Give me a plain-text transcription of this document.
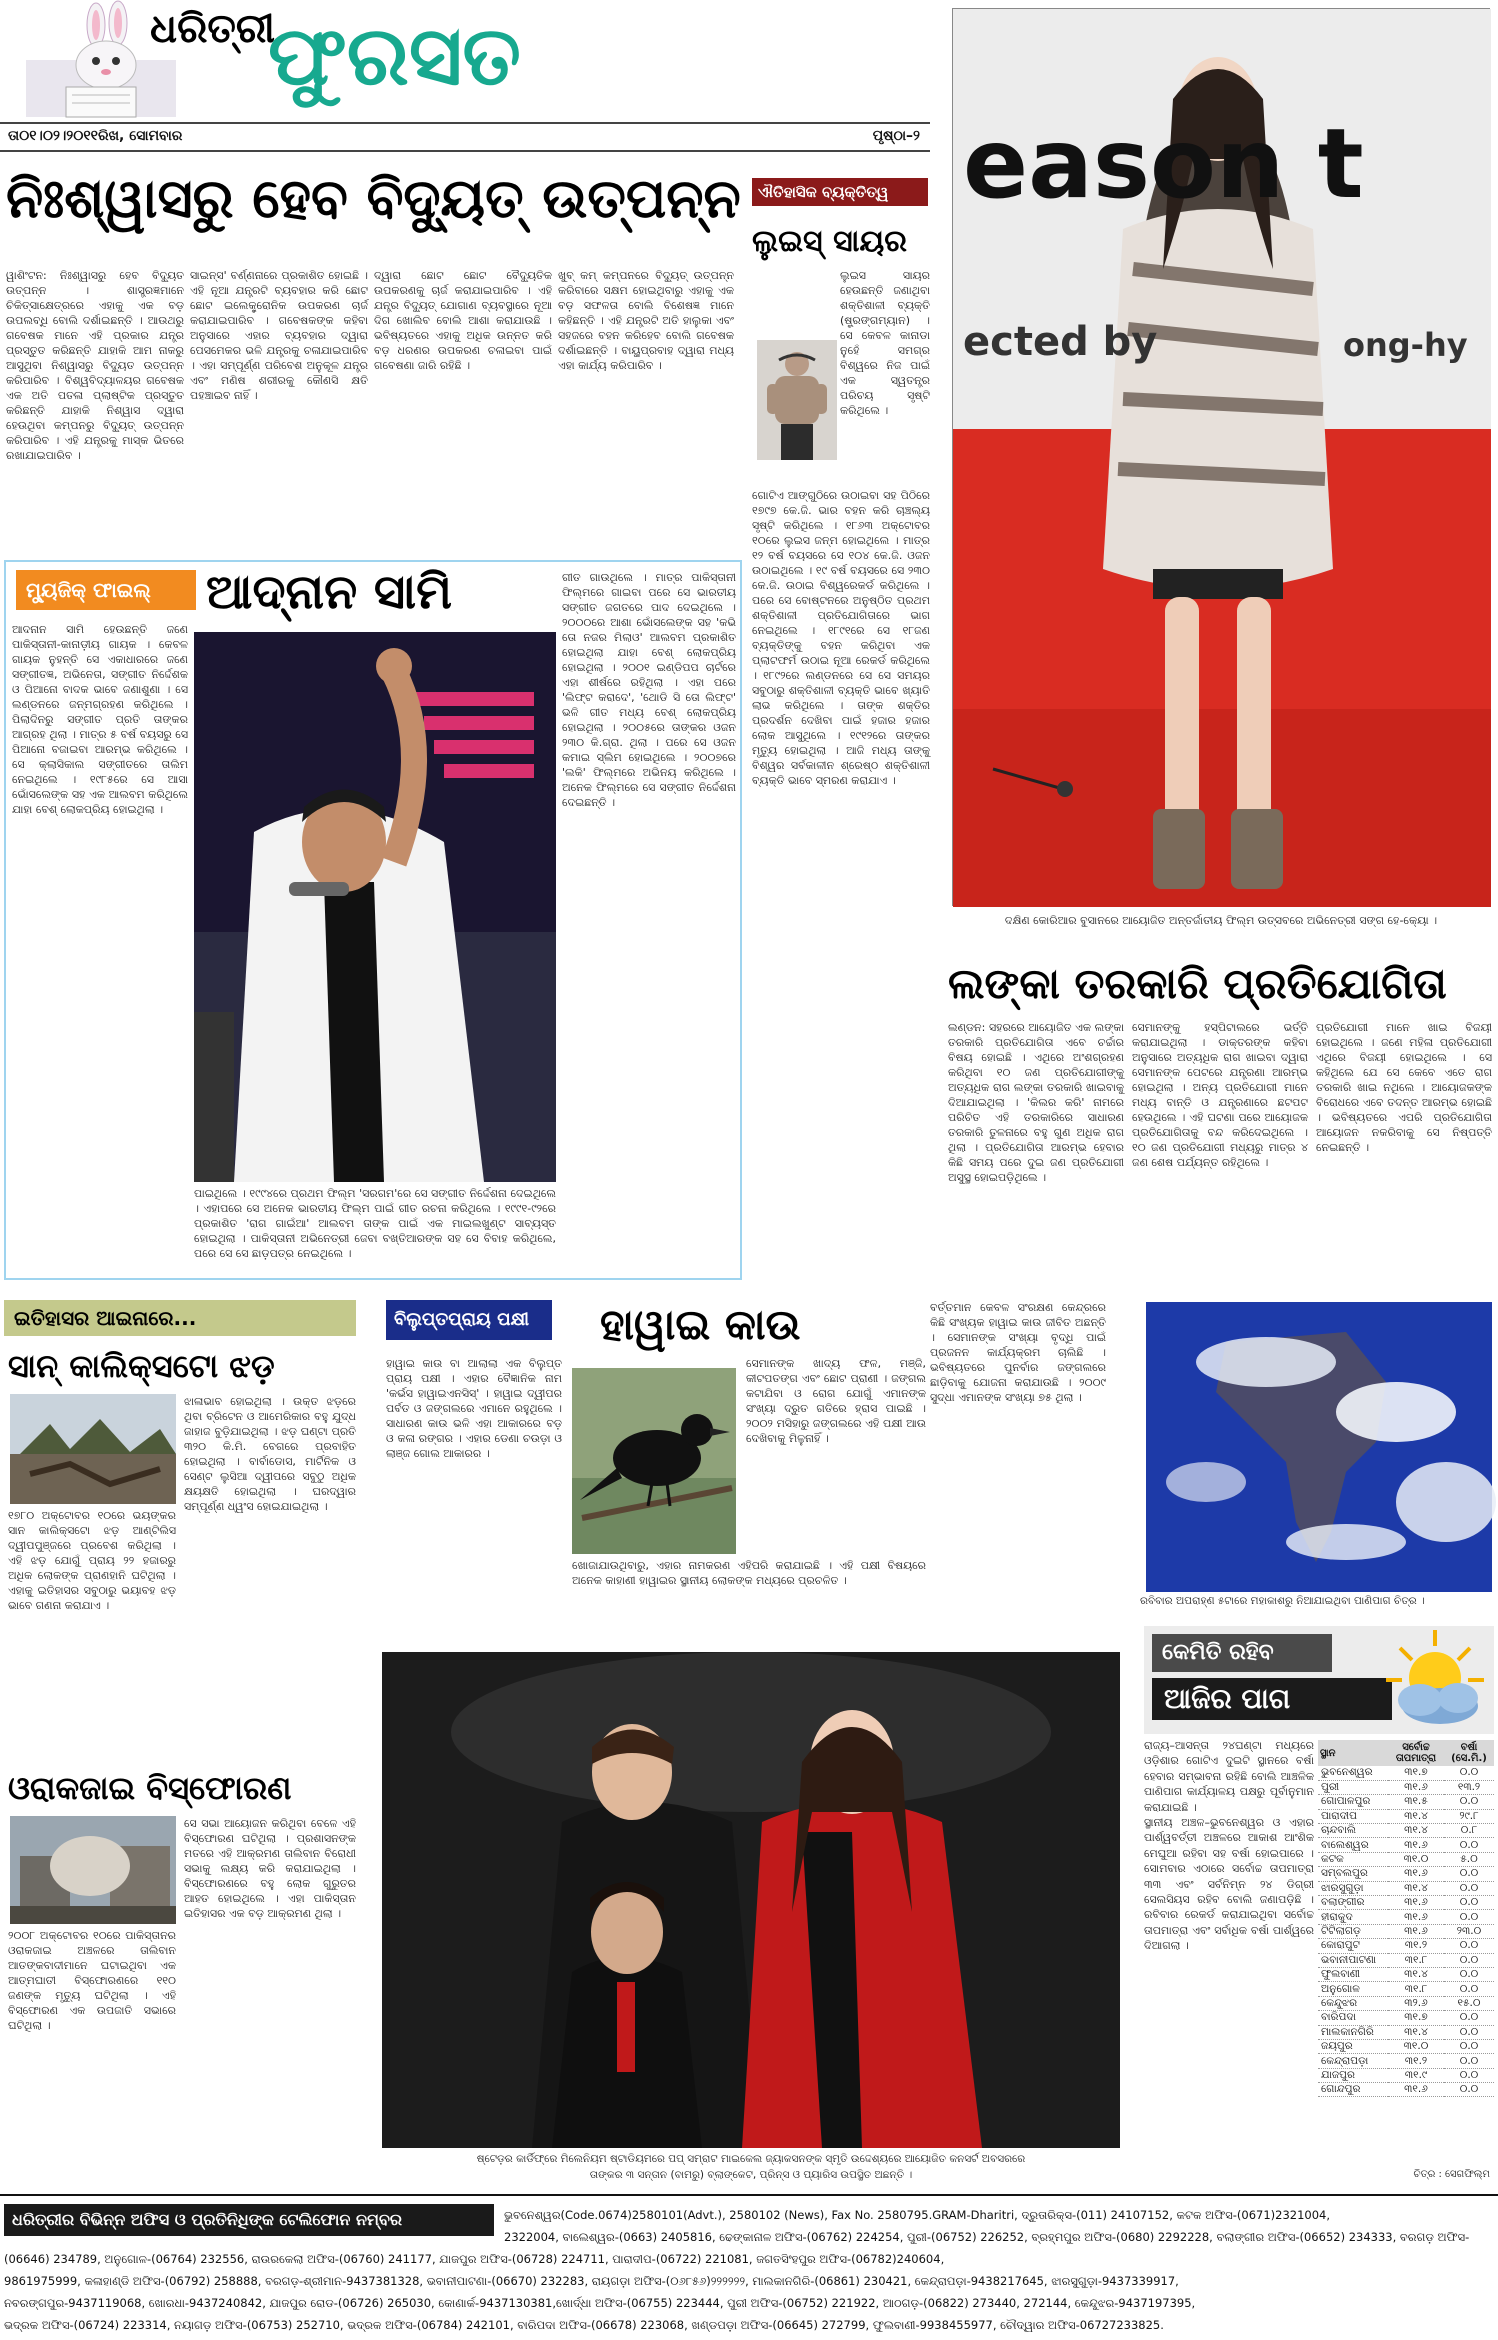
ଧରିତ୍ରୀ
ଫୁରସତ
ତା୦୧।୦୨।୨୦୧୧ରିଖ, ସୋମବାର	ପୃଷ୍ଠା–୨
ନିଃଶ୍ୱାସରୁ ହେବ ବିଦ୍ୟୁତ୍ ଉତ୍ପନ୍ନ
ୱାଶିଂଟନ: ନିଃଶ୍ୱାସରୁ ହେବ ବିଦ୍ୟୁତ ଉତ୍ପନ୍ନ । ଶାସ୍ତ୍ରଜ୍ଞମାନେ ଚିକିତ୍ସାକ୍ଷେତ୍ରରେ ଏହାକୁ ଏକ ବଡ଼ ଉପଲବ୍ଧି ବୋଲି ଦର୍ଶାଇଛନ୍ତି । ଆଉଥରୁ ଗବେଷକ ମାନେ ଏହି ପ୍ରକାର ଯନ୍ତ୍ର ପ୍ରସ୍ତୁତ କରିଛନ୍ତି ଯାହାକି ଆମ ନାକରୁ ଆସୁଥିବା ନିଶ୍ୱାସରୁ ବିଦ୍ୟୁତ ଉତ୍ପନ୍ନ କରିପାରିବ । ବିଶ୍ୱବିଦ୍ୟାଳୟର ଗବେଷକ ଏକ ଅତି ପତଳା ପ୍ଲାଷ୍ଟିକ ପ୍ରସ୍ତୁତ କରିଛନ୍ତି ଯାହାକି ନିଶ୍ୱାସ ଦ୍ୱାରା ହେଉଥିବା କମ୍ପନରୁ ବିଦ୍ୟୁତ୍ ଉତ୍ପନ୍ନ କରିପାରିବ । ଏହି ଯନ୍ତ୍ରକୁ ମାସ୍କ ଭିତରେ ରଖାଯାଇପାରିବ ।
ସାଇନ୍ସ' ବର୍ଣ୍ଣନାରେ ପ୍ରକାଶିତ ହୋଇଛି । ଏହି ନୂଆ ଯନ୍ତ୍ରଟି ବ୍ୟବହାର କରି ଛୋଟ ଛୋଟ ଇଲେକ୍ଟ୍ରୋନିକ ଉପକରଣ ଚାର୍ଜ କରାଯାଇପାରିବ । ଗବେଷକଙ୍କ କହିବା ଅନୁସାରେ ଏହାର ବ୍ୟବହାର ଦ୍ୱାରା ପେସମେକର ଭଳି ଯନ୍ତ୍ରକୁ ଚଳାଯାଇପାରିବ । ଏହା ସମ୍ପୂର୍ଣ୍ଣ ପରିବେଶ ଅନୁକୂଳ ଯନ୍ତ୍ର ଏବଂ ମଣିଷ ଶରୀରକୁ କୌଣସି କ୍ଷତି ପହଞ୍ଚାଇବ ନାହିଁ ।
ଦ୍ୱାରା ଛୋଟ ଛୋଟ ବୈଦ୍ୟୁତିକ ଉପକରଣକୁ ଚାର୍ଜ କରାଯାଇପାରିବ । ଏହି ଯନ୍ତ୍ର ବିଦ୍ୟୁତ୍ ଯୋଗାଣ ବ୍ୟବସ୍ଥାରେ ନୂଆ ଦିଗ ଖୋଲିବ ବୋଲି ଆଶା କରାଯାଉଛି । ଭବିଷ୍ୟତରେ ଏହାକୁ ଅଧିକ ଉନ୍ନତ କରି ବଡ଼ ଧରଣର ଉପକରଣ ଚଳାଇବା ପାଇଁ ଗବେଷଣା ଜାରି ରହିଛି ।
ଖୁବ୍ କମ୍ କମ୍ପନରେ ବିଦ୍ୟୁତ୍ ଉତ୍ପନ୍ନ କରିବାରେ ସକ୍ଷମ ହୋଇଥିବାରୁ ଏହାକୁ ଏକ ବଡ଼ ସଫଳତା ବୋଲି ବିଶେଷଜ୍ଞ ମାନେ କହିଛନ୍ତି । ଏହି ଯନ୍ତ୍ରଟି ଅତି ହାଲୁକା ଏବଂ ସହଜରେ ବହନ କରିହେବ ବୋଲି ଗବେଷକ ଦର୍ଶାଇଛନ୍ତି । ବାୟୁପ୍ରବାହ ଦ୍ୱାରା ମଧ୍ୟ ଏହା କାର୍ଯ୍ୟ କରିପାରିବ ।
ଐତିହାସିକ ବ୍ୟକ୍ତିତ୍ୱ
ଲୁଇସ୍ ସାୟର
ଲୁଇସ ସାୟର ହେଉଛନ୍ତି ଜଣାଥିବା ଶକ୍ତିଶାଳୀ ବ୍ୟକ୍ତି (ଷ୍ଟ୍ରଙ୍ଗମ୍ୟାନ) । ସେ କେବଳ କାନାଡା ନୁହେଁ ସମଗ୍ର ବିଶ୍ୱରେ ନିଜ ପାଇଁ ଏକ ସ୍ୱତନ୍ତ୍ର ପରିଚୟ ସୃଷ୍ଟି କରିଥିଲେ ।
ଗୋଟିଏ ଆଙ୍ଗୁଠିରେ ଉଠାଇବା ସହ ପିଠିରେ ୧୭୯୭ କେ.ଜି. ଭାର ବହନ କରି ଚାଞ୍ଚଲ୍ୟ ସୃଷ୍ଟି କରିଥିଲେ । ୧୮୬୩ ଅକ୍ଟୋବର ୧୦ରେ ଲୁଇସ ଜନ୍ମ ହୋଇଥିଲେ । ମାତ୍ର ୧୨ ବର୍ଷ ବୟସରେ ସେ ୧୦୪ କେ.ଜି. ଓଜନ ଉଠାଇଥିଲେ । ୧୯ ବର୍ଷ ବୟସରେ ସେ ୨୩୦ କେ.ଜି. ଉଠାଇ ବିଶ୍ୱରେକର୍ଡ କରିଥିଲେ । ପରେ ସେ ବୋଷ୍ଟନରେ ଅନୁଷ୍ଠିତ ପ୍ରଥମ ଶକ୍ତିଶାଳୀ ପ୍ରତିଯୋଗିତାରେ ଭାଗ ନେଇଥିଲେ । ୧୮୯୧ରେ ସେ ୧୮ଜଣ ବ୍ୟକ୍ତିଙ୍କୁ ବହନ କରିଥିବା ଏକ ପ୍ଲାଟଫର୍ମ ଉଠାଇ ନୂଆ ରେକର୍ଡ କରିଥିଲେ । ୧୮୯୨ରେ ଲଣ୍ଡନରେ ସେ ସେ ସମୟର ସବୁଠାରୁ ଶକ୍ତିଶାଳୀ ବ୍ୟକ୍ତି ଭାବେ ଖ୍ୟାତି ଲାଭ କରିଥିଲେ । ତାଙ୍କ ଶକ୍ତିର ପ୍ରଦର୍ଶନ ଦେଖିବା ପାଇଁ ହଜାର ହଜାର ଲୋକ ଆସୁଥିଲେ । ୧୯୧୨ରେ ତାଙ୍କର ମୃତ୍ୟୁ ହୋଇଥିଲା । ଆଜି ମଧ୍ୟ ତାଙ୍କୁ ବିଶ୍ୱର ସର୍ବକାଳୀନ ଶ୍ରେଷ୍ଠ ଶକ୍ତିଶାଳୀ ବ୍ୟକ୍ତି ଭାବେ ସ୍ମରଣ କରାଯାଏ ।
eason t
ected by	ong-hy
ଦକ୍ଷିଣ କୋରିଆର ବୁସାନରେ ଆୟୋଜିତ ଅନ୍ତର୍ଜାତୀୟ ଫିଲ୍ମ ଉତ୍ସବରେ ଅଭିନେତ୍ରୀ ସଙ୍ଗ ହେ-କ୍ୟୋ ।
ମ୍ୟୁଜିକ୍ ଫାଇଲ୍	ଆଦ୍‌ନାନ ସାମି
ଆଦନାନ ସାମି ହେଉଛନ୍ତି ଜଣେ ପାକିସ୍ତାନୀ-କାନାଡ଼ୀୟ ଗାୟକ । କେବଳ ଗାୟକ ନୁହନ୍ତି ସେ ଏକାଧାରରେ ଜଣେ ସଙ୍ଗୀତଜ୍ଞ, ଅଭିନେତା, ସଙ୍ଗୀତ ନିର୍ଦ୍ଦେଶକ ଓ ପିଆନୋ ବାଦକ ଭାବେ ଜଣାଶୁଣା । ସେ ଲଣ୍ଡନରେ ଜନ୍ମଗ୍ରହଣ କରିଥିଲେ । ପିଲାଦିନରୁ ସଙ୍ଗୀତ ପ୍ରତି ତାଙ୍କର ଆଗ୍ରହ ଥିଲା । ମାତ୍ର ୫ ବର୍ଷ ବୟସରୁ ସେ ପିଆନୋ ବଜାଇବା ଆରମ୍ଭ କରିଥିଲେ । ସେ କ୍ଲାସିକାଲ ସଙ୍ଗୀତରେ ତାଲିମ ନେଇଥିଲେ । ୧୯୮୫ରେ ସେ ଆସା ଭୋଁସଲେଙ୍କ ସହ ଏକ ଆଲବମ କରିଥିଲେ ଯାହା ବେଶ୍ ଲୋକପ୍ରିୟ ହୋଇଥିଲା ।
ଗୀତ ଗାଉଥିଲେ । ମାତ୍ର ପାକିସ୍ତାନୀ ଫିଲ୍ମରେ ଗାଇବା ପରେ ସେ ଭାରତୀୟ ସଙ୍ଗୀତ ଜଗତରେ ପାଦ ଦେଇଥିଲେ । ୨୦୦୦ରେ ଆଶା ଭୋଁସଲେଙ୍କ ସହ 'କଭି ତୋ ନଜର ମିଲାଓ' ଆଲବମ ପ୍ରକାଶିତ ହୋଇଥିଲା ଯାହା ବେଶ୍ ଲୋକପ୍ରିୟ ହୋଇଥିଲା । ୨୦୦୧ ଇଣ୍ଡିପପ ଚାର୍ଟରେ ଏହା ଶୀର୍ଷରେ ରହିଥିଲା । ଏହା ପରେ 'ଲିଫ୍ଟ କରାଦେ', 'ଥୋଡି ସି ତୋ ଲିଫ୍ଟ' ଭଳି ଗୀତ ମଧ୍ୟ ବେଶ୍ ଲୋକପ୍ରିୟ ହୋଇଥିଲା । ୨୦୦୫ରେ ତାଙ୍କର ଓଜନ ୨୩୦ କି.ଗ୍ରା. ଥିଲା । ପରେ ସେ ଓଜନ କମାଇ ସ୍ଲିମ ହୋଇଥିଲେ । ୨୦୦୭ରେ 'ଲକି' ଫିଲ୍ମରେ ଅଭିନୟ କରିଥିଲେ । ଅନେକ ଫିଲ୍ମରେ ସେ ସଙ୍ଗୀତ ନିର୍ଦ୍ଦେଶନା ଦେଇଛନ୍ତି ।
ପାଇଥିଲେ । ୧୯୯୪ରେ ପ୍ରଥମ ଫିଲ୍ମ 'ସରଗମ'ରେ ସେ ସଙ୍ଗୀତ ନିର୍ଦ୍ଦେଶନା ଦେଇଥିଲେ । ଏହାପରେ ସେ ଅନେକ ଭାରତୀୟ ଫିଲ୍ମ ପାଇଁ ଗୀତ ରଚନା କରିଥିଲେ । ୧୯୯୧-୯୨ରେ ପ୍ରକାଶିତ 'ରାଗ ଗାଇଁଆ' ଆଲବମ ତାଙ୍କ ପାଇଁ ଏକ ମାଇଲଖୁଣ୍ଟ ସାବ୍ୟସ୍ତ ହୋଇଥିଲା । ପାକିସ୍ତାନୀ ଅଭିନେତ୍ରୀ ଜେବା ବଖ୍ତିଆରଙ୍କ ସହ ସେ ବିବାହ କରିଥିଲେ, ପରେ ସେ ସେ ଛାଡ଼ପତ୍ର ନେଇଥିଲେ ।
ଲଙ୍କା ତରକାରି ପ୍ରତିଯୋଗିତା
ଲଣ୍ଡନ: ସହରରେ ଆୟୋଜିତ ଏକ ଲଙ୍କା ତରକାରି ପ୍ରତିଯୋଗିତା ଏବେ ଚର୍ଚ୍ଚାର ବିଷୟ ହୋଇଛି । ଏଥିରେ ଅଂଶଗ୍ରହଣ କରିଥିବା ୧୦ ଜଣ ପ୍ରତିଯୋଗୀଙ୍କୁ ଅତ୍ୟଧିକ ରାଗ ଲଙ୍କା ତରକାରି ଖାଇବାକୁ ଦିଆଯାଇଥିଲା । 'କିଲର କରି' ନାମରେ ପରିଚିତ ଏହି ତରକାରିରେ ସାଧାରଣ ତରକାରି ତୁଳନାରେ ବହୁ ଗୁଣ ଅଧିକ ରାଗ ଥିଲା । ପ୍ରତିଯୋଗିତା ଆରମ୍ଭ ହେବାର କିଛି ସମୟ ପରେ ଦୁଇ ଜଣ ପ୍ରତିଯୋଗୀ ଅସୁସ୍ଥ ହୋଇପଡ଼ିଥିଲେ ।
ସେମାନଙ୍କୁ ହସ୍ପିଟାଲରେ ଭର୍ତ୍ତି କରାଯାଇଥିଲା । ଡାକ୍ତରଙ୍କ କହିବା ଅନୁସାରେ ଅତ୍ୟଧିକ ରାଗ ଖାଇବା ଦ୍ୱାରା ସେମାନଙ୍କ ପେଟରେ ଯନ୍ତ୍ରଣା ଆରମ୍ଭ ହୋଇଥିଲା । ଅନ୍ୟ ପ୍ରତିଯୋଗୀ ମାନେ ମଧ୍ୟ ବାନ୍ତି ଓ ଯନ୍ତ୍ରଣାରେ ଛଟପଟ ହେଉଥିଲେ । ଏହି ଘଟଣା ପରେ ଆୟୋଜକ ପ୍ରତିଯୋଗିତାକୁ ବନ୍ଦ କରିଦେଇଥିଲେ । ୧୦ ଜଣ ପ୍ରତିଯୋଗୀ ମଧ୍ୟରୁ ମାତ୍ର ୪ ଜଣ ଶେଷ ପର୍ଯ୍ୟନ୍ତ ରହିଥିଲେ ।
ପ୍ରତିଯୋଗୀ ମାନେ ଖାଇ ବିଜୟୀ ହୋଇଥିଲେ । ଜଣେ ମହିଳା ପ୍ରତିଯୋଗୀ ଏଥିରେ ବିଜୟୀ ହୋଇଥିଲେ । ସେ କହିଥିଲେ ଯେ ସେ କେବେ ଏତେ ରାଗ ତରକାରି ଖାଇ ନଥିଲେ । ଆୟୋଜକଙ୍କ ବିରୋଧରେ ଏବେ ତଦନ୍ତ ଆରମ୍ଭ ହୋଇଛି । ଭବିଷ୍ୟତରେ ଏପରି ପ୍ରତିଯୋଗିତା ଆୟୋଜନ ନକରିବାକୁ ସେ ନିଷ୍ପତ୍ତି ନେଇଛନ୍ତି ।
ଇତିହାସର ଆଇନାରେ...
ସାନ୍ କାଲିକ୍ସଟୋ ଝଡ଼
୧୭୮୦ ଅକ୍ଟୋବର ୧୦ରେ ଭୟଙ୍କର ସାନ କାଲିକ୍ସଟୋ ଝଡ଼ ଆଣ୍ଟିଲିସ ଦ୍ୱୀପପୁଞ୍ଜରେ ପ୍ରବେଶ କରିଥିଲା । ଏହି ଝଡ଼ ଯୋଗୁଁ ପ୍ରାୟ ୨୨ ହଜାରରୁ ଅଧିକ ଲୋକଙ୍କ ପ୍ରାଣହାନି ଘଟିଥିଲା । ଏହାକୁ ଇତିହାସର ସବୁଠାରୁ ଭୟାବହ ଝଡ଼ ଭାବେ ଗଣନା କରାଯାଏ ।
ଝାଳାଭାବ ହୋଇଥିଲା । ଉକ୍ତ ଝଡ଼ରେ ଥିବା ବ୍ରିଟେନ ଓ ଆମେରିକାର ବହୁ ଯୁଦ୍ଧ ଜାହାଜ ବୁଡ଼ିଯାଇଥିଲା । ଝଡ଼ ଘଣ୍ଟା ପ୍ରତି ୩୨୦ କି.ମି. ବେଗରେ ପ୍ରବାହିତ ହୋଇଥିଲା । ବାର୍ବାଡୋସ, ମାର୍ଟିନିକ ଓ ସେଣ୍ଟ ଲୁସିଆ ଦ୍ୱୀପରେ ସବୁଠୁ ଅଧିକ କ୍ଷୟକ୍ଷତି ହୋଇଥିଲା । ଘରଦ୍ୱାର ସମ୍ପୂର୍ଣ୍ଣ ଧ୍ୱଂସ ହୋଇଯାଇଥିଲା ।
ଓରାକଜାଇ ବିସ୍ଫୋରଣ
୨୦୦୮ ଅକ୍ଟୋବର ୧୦ରେ ପାକିସ୍ତାନର ଓରାକଜାଇ ଅଞ୍ଚଳରେ ତାଲିବାନ ଆତଙ୍କବାଦୀମାନେ ଘଟାଇଥିବା ଏକ ଆତ୍ମଘାତୀ ବିସ୍ଫୋରଣରେ ୧୧୦ ଜଣଙ୍କ ମୃତ୍ୟୁ ଘଟିଥିଲା । ଏହି ବିସ୍ଫୋରଣ ଏକ ଉପଜାତି ସଭାରେ ଘଟିଥିଲା ।
ସେ ସଭା ଆୟୋଜନ କରିଥିବା ବେଳେ ଏହି ବିସ୍ଫୋରଣ ଘଟିଥିଲା । ପ୍ରଶାସନଙ୍କ ମତରେ ଏହି ଆକ୍ରମଣ ତାଲିବାନ ବିରୋଧୀ ସଭାକୁ ଲକ୍ଷ୍ୟ କରି କରାଯାଇଥିଲା । ବିସ୍ଫୋରଣରେ ବହୁ ଲୋକ ଗୁରୁତର ଆହତ ହୋଇଥିଲେ । ଏହା ପାକିସ୍ତାନ ଇତିହାସର ଏକ ବଡ଼ ଆକ୍ରମଣ ଥିଲା ।
ବିଲୁପ୍ତପ୍ରାୟ ପକ୍ଷୀ	ହାୱାଇ କାଉ
ହାୱାଇ କାଉ ବା ଆଲାଲା ଏକ ବିଲୁପ୍ତ ପ୍ରାୟ ପକ୍ଷୀ । ଏହାର ବୈଜ୍ଞାନିକ ନାମ 'କର୍ଭସ ହାୱାଇଏନସିସ୍' । ହାୱାଇ ଦ୍ୱୀପର ପର୍ବତ ଓ ଜଙ୍ଗଲରେ ଏମାନେ ରହୁଥିଲେ । ସାଧାରଣ କାଉ ଭଳି ଏହା ଆକାରରେ ବଡ଼ ଓ କଳା ରଙ୍ଗର । ଏହାର ଡେଣା ଚଉଡ଼ା ଓ ଲାଞ୍ଜ ଗୋଲ ଆକାରର ।
ସେମାନଙ୍କ ଖାଦ୍ୟ ଫଳ, ମଞ୍ଜି, କୀଟପତଙ୍ଗ ଏବଂ ଛୋଟ ପ୍ରାଣୀ । ଜଙ୍ଗଲ କଟାଯିବା ଓ ରୋଗ ଯୋଗୁଁ ଏମାନଙ୍କ ସଂଖ୍ୟା ଦ୍ରୁତ ଗତିରେ ହ୍ରାସ ପାଇଛି । ୨୦୦୨ ମସିହାରୁ ଜଙ୍ଗଲରେ ଏହି ପକ୍ଷୀ ଆଉ ଦେଖିବାକୁ ମିଳୁନାହିଁ ।
ବର୍ତ୍ତମାନ କେବଳ ସଂରକ୍ଷଣ କେନ୍ଦ୍ରରେ କିଛି ସଂଖ୍ୟକ ହାୱାଇ କାଉ ଜୀବିତ ଅଛନ୍ତି । ସେମାନଙ୍କ ସଂଖ୍ୟା ବୃଦ୍ଧି ପାଇଁ ପ୍ରଜନନ କାର୍ଯ୍ୟକ୍ରମ ଚାଲିଛି । ଭବିଷ୍ୟତରେ ପୁନର୍ବାର ଜଙ୍ଗଲରେ ଛାଡ଼ିବାକୁ ଯୋଜନା କରାଯାଉଛି । ୨୦୦୯ ସୁଦ୍ଧା ଏମାନଙ୍କ ସଂଖ୍ୟା ୭୫ ଥିଲା ।
ଖୋଜାଯାଉଥିବାରୁ, ଏହାର ନାମକରଣ ଏହିପରି କରାଯାଇଛି । ଏହି ପକ୍ଷୀ ବିଷୟରେ ଅନେକ କାହାଣୀ ହାୱାଇର ସ୍ଥାନୀୟ ଲୋକଙ୍କ ମଧ୍ୟରେ ପ୍ରଚଳିତ ।
ରବିବାର ଅପରାହ୍ଣ ୫ଟାରେ ମହାକାଶରୁ ନିଆଯାଇଥିବା ପାଣିପାଗ ଚିତ୍ର ।
କେମିତି ରହିବ
ଆଜିର ପାଗ
ରାଜ୍ୟ–ଆସନ୍ତା ୨୪ଘଣ୍ଟା ମଧ୍ୟରେ ଓଡ଼ିଶାର ଗୋଟିଏ ଦୁଇଟି ସ୍ଥାନରେ ବର୍ଷା ହେବାର ସମ୍ଭାବନା ରହିଛି ବୋଲି ଆଞ୍ଚଳିକ ପାଣିପାଗ କାର୍ଯ୍ୟାଳୟ ପକ୍ଷରୁ ପୂର୍ବାନୁମାନ କରାଯାଇଛି ।
ସ୍ଥାନୀୟ ଅଞ୍ଚଳ–ଭୁବନେଶ୍ୱର ଓ ଏହାର ପାର୍ଶ୍ୱବର୍ତ୍ତୀ ଅଞ୍ଚଳରେ ଆକାଶ ଆଂଶିକ ମେଘୁଆ ରହିବା ସହ ବର୍ଷା ହୋଇପାରେ । ସୋମବାର ଏଠାରେ ସର୍ବୋଚ୍ଚ ତାପମାତ୍ରା ୩୩ ଏବଂ ସର୍ବନିମ୍ନ ୨୪ ଡିଗ୍ରୀ ସେଲସିୟସ ରହିବ ବୋଲି ଜଣାପଡ଼ିଛି । ରବିବାର ରେକର୍ଡ କରାଯାଇଥିବା ସର୍ବୋଚ୍ଚ ତାପମାତ୍ରା ଏବଂ ସର୍ବାଧିକ ବର୍ଷା ପାର୍ଶ୍ୱରେ ଦିଆଗଲା ।
ସ୍ଥାନ	ସର୍ବୋଚ୍ଚ ତାପମାତ୍ରା	ବର୍ଷା (ସେ.ମି.)
ଭୁବନେଶ୍ୱର	୩୧.୭	୦.୦
ପୁରୀ	୩୧.୬	୧୩.୨
ଗୋପାଳପୁର	୩୧.୫	୦.୦
ପାରାଦୀପ	୩୧.୪	୨୯.୮
ଚାନ୍ଦବାଲି	୩୧.୪	୦.୮
ବାଲେଶ୍ୱର	୩୧.୬	୦.୦
କଟକ	୩୧.୦	୫.୦
ସମ୍ବଲପୁର	୩୧.୬	୦.୦
ଝାରସୁଗୁଡ଼ା	୩୧.୪	୦.୦
ବଲାଙ୍ଗୀର	୩୧.୬	୦.୦
ହୀରାକୁଦ	୩୧.୬	୦.୦
ଟିଟିଲାଗଡ଼	୩୧.୬	୨୩.୦
କୋରାପୁଟ	୩୧.୨	୦.୦
ଭବାନୀପାଟଣା	୩୧.୮	୦.୦
ଫୁଲବାଣୀ	୩୧.୪	୦.୦
ଅନୁଗୋଳ	୩୧.୮	୦.୦
କେନ୍ଦୁଝର	୩୨.୬	୧୫.୦
ବାରିପଦା	୩୧.୭	୦.୦
ମାଲକାନଗିରି	୩୧.୪	୦.୦
ଜୟପୁର	୩୧.୦	୦.୦
କେନ୍ଦ୍ରାପଡ଼ା	୩୧.୨	୦.୦
ଯାଜପୁର	୩୧.୯	୦.୦
ଗୋନ୍ଦପୁର	୩୧.୬	୦.୦
ଚିତ୍ର : ସେଗଫିଲ୍ମ
ଷ୍ଟେଡ଼ର କାର୍ଡିଫ୍‌ରେ ମିଲେନିୟମ ଷ୍ଟାଡିୟମରେ ପପ୍ ସମ୍ରାଟ ମାଇକେଲ ଜ୍ୟାକସନଙ୍କ ସ୍ମୃତି ଉଦ୍ଦେଶ୍ୟରେ ଆୟୋଜିତ କନସର୍ଟ ଅବସରରେ
ତାଙ୍କର ୩ ସନ୍ତାନ (ବାମରୁ) ବ୍ଲାଙ୍କେଟ, ପ୍ରିନ୍ସ ଓ ପ୍ୟାରିସ ଉପସ୍ଥିତ ଅଛନ୍ତି ।
ଧରିତ୍ରୀର ବିଭିନ୍ନ ଅଫିସ ଓ ପ୍ରତିନିଧିଙ୍କ ଟେଲିଫୋନ ନମ୍ବର	ଭୁବନେଶ୍ୱର(Code.0674)2580101(Advt.), 2580102 (News), Fax No. 2580795.GRAM-Dharitri, ଦ୍ରୁତାରିକ୍ସ-(011) 24107152, କଟକ ଅଫିସ-(0671)2321004,
2322004, ବାଲେଶ୍ୱର-(0663) 2405816, ଢେଙ୍କାନାଳ ଅଫିସ-(06762) 224254, ପୁରୀ-(06752) 226252, ବ୍ରହ୍ମପୁର ଅଫିସ-(0680) 2292228, ବଲାଙ୍ଗୀର ଅଫିସ-(06652) 234333, ବରଗଡ଼ ଅଫିସ-
(06646) 234789, ଅନୁଗୋଳ-(06764) 232556, ରାଉରକେଲା ଅଫିସ-(06760) 241177, ଯାଜପୁର ଅଫିସ-(06728) 224711, ପାରାଦୀପ-(06722) 221081, ଜଗତସିଂହପୁର ଅଫିସ-(06782)240604,
9861975999, କଳାହାଣ୍ଡି ଅଫିସ-(06792) 258888, ବରଗଡ଼-ଶ୍ରୀମାନ-9437381328, ଭବାନୀପାଟଣା-(06670) 232283, ରାୟଗଡ଼ା ଅଫିସ-(୦୬୮୫୬)୨୨୨୨୨୨, ମାଲକାନଗିରି-(06861) 230421, କେନ୍ଦ୍ରାପଡ଼ା-9438217645, ଝାରସୁଗୁଡ଼ା-9437339917,
ନବରଙ୍ଗପୁର-9437119068, ଖୋରଧା-9437240842, ଯାଜପୁର ରୋଡ-(06726) 265030, କୋଣାର୍କ-9437130381,ଖୋର୍ଦ୍ଧା ଅଫିସ-(06755) 223444, ପୁରୀ ଅଫିସ-(06752) 221922, ଆଠଗଡ଼-(06822) 273440, 272144, କେନ୍ଦୁଝର-9437197395,
ଭଦ୍ରକ ଅଫିସ-(06724) 223314, ନୟାଗଡ଼ ଅଫିସ-(06753) 252710, ଭଦ୍ରକ ଅଫିସ-(06784) 242101, ବାରିପଦା ଅଫିସ-(06678) 223068, ଖଣ୍ଡପଡ଼ା ଅଫିସ-(06645) 272799, ଫୁଲବାଣୀ-9938455977, ଚୌଦ୍ୱାର ଅଫିସ-06727233825.
